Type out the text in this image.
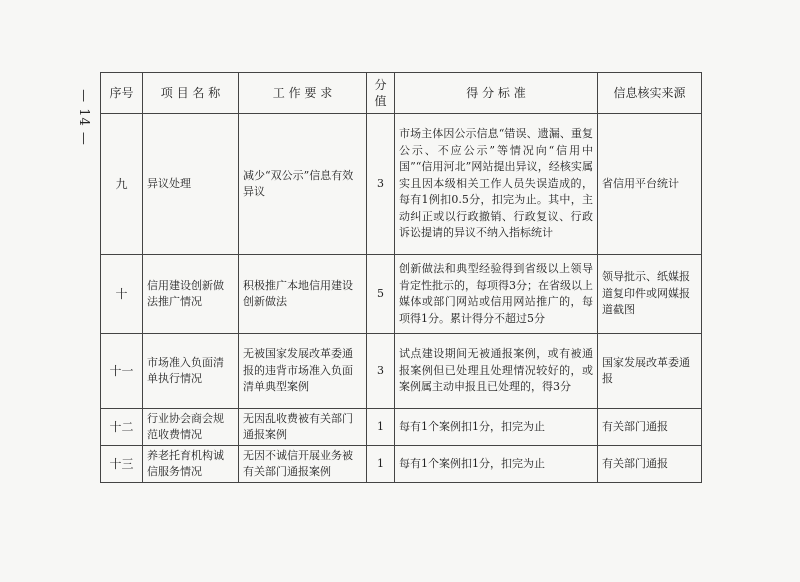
— 14 — 序号	项 目 名 称	工 作 要 求	分值	得 分 标 准	信息核实来源
九	异议处理	减少“双公示”信息有效异议	3	市场主体因公示信息“错误、遗漏、重复公示、不应公示”等情况向“信用中国”“信用河北”网站提出异议，经核实属实且因本级相关工作人员失误造成的，每有1例扣0.5分，扣完为止。其中，主动纠正或以行政撤销、行政复议、行政诉讼提请的异议不纳入指标统计	省信用平台统计
十	信用建设创新做法推广情况	积极推广本地信用建设创新做法	5	创新做法和典型经验得到省级以上领导肯定性批示的，每项得3分；在省级以上媒体或部门网站或信用网站推广的，每项得1分。累计得分不超过5分	领导批示、纸媒报道复印件或网媒报道截图
十一	市场准入负面清单执行情况	无被国家发展改革委通报的违背市场准入负面清单典型案例	3	试点建设期间无被通报案例，或有被通报案例但已处理且处理情况较好的，或案例属主动申报且已处理的，得3分	国家发展改革委通报
十二	行业协会商会规范收费情况	无因乱收费被有关部门通报案例	1	每有1个案例扣1分，扣完为止	有关部门通报
十三	养老托育机构诚信服务情况	无因不诚信开展业务被有关部门通报案例	1	每有1个案例扣1分，扣完为止	有关部门通报
